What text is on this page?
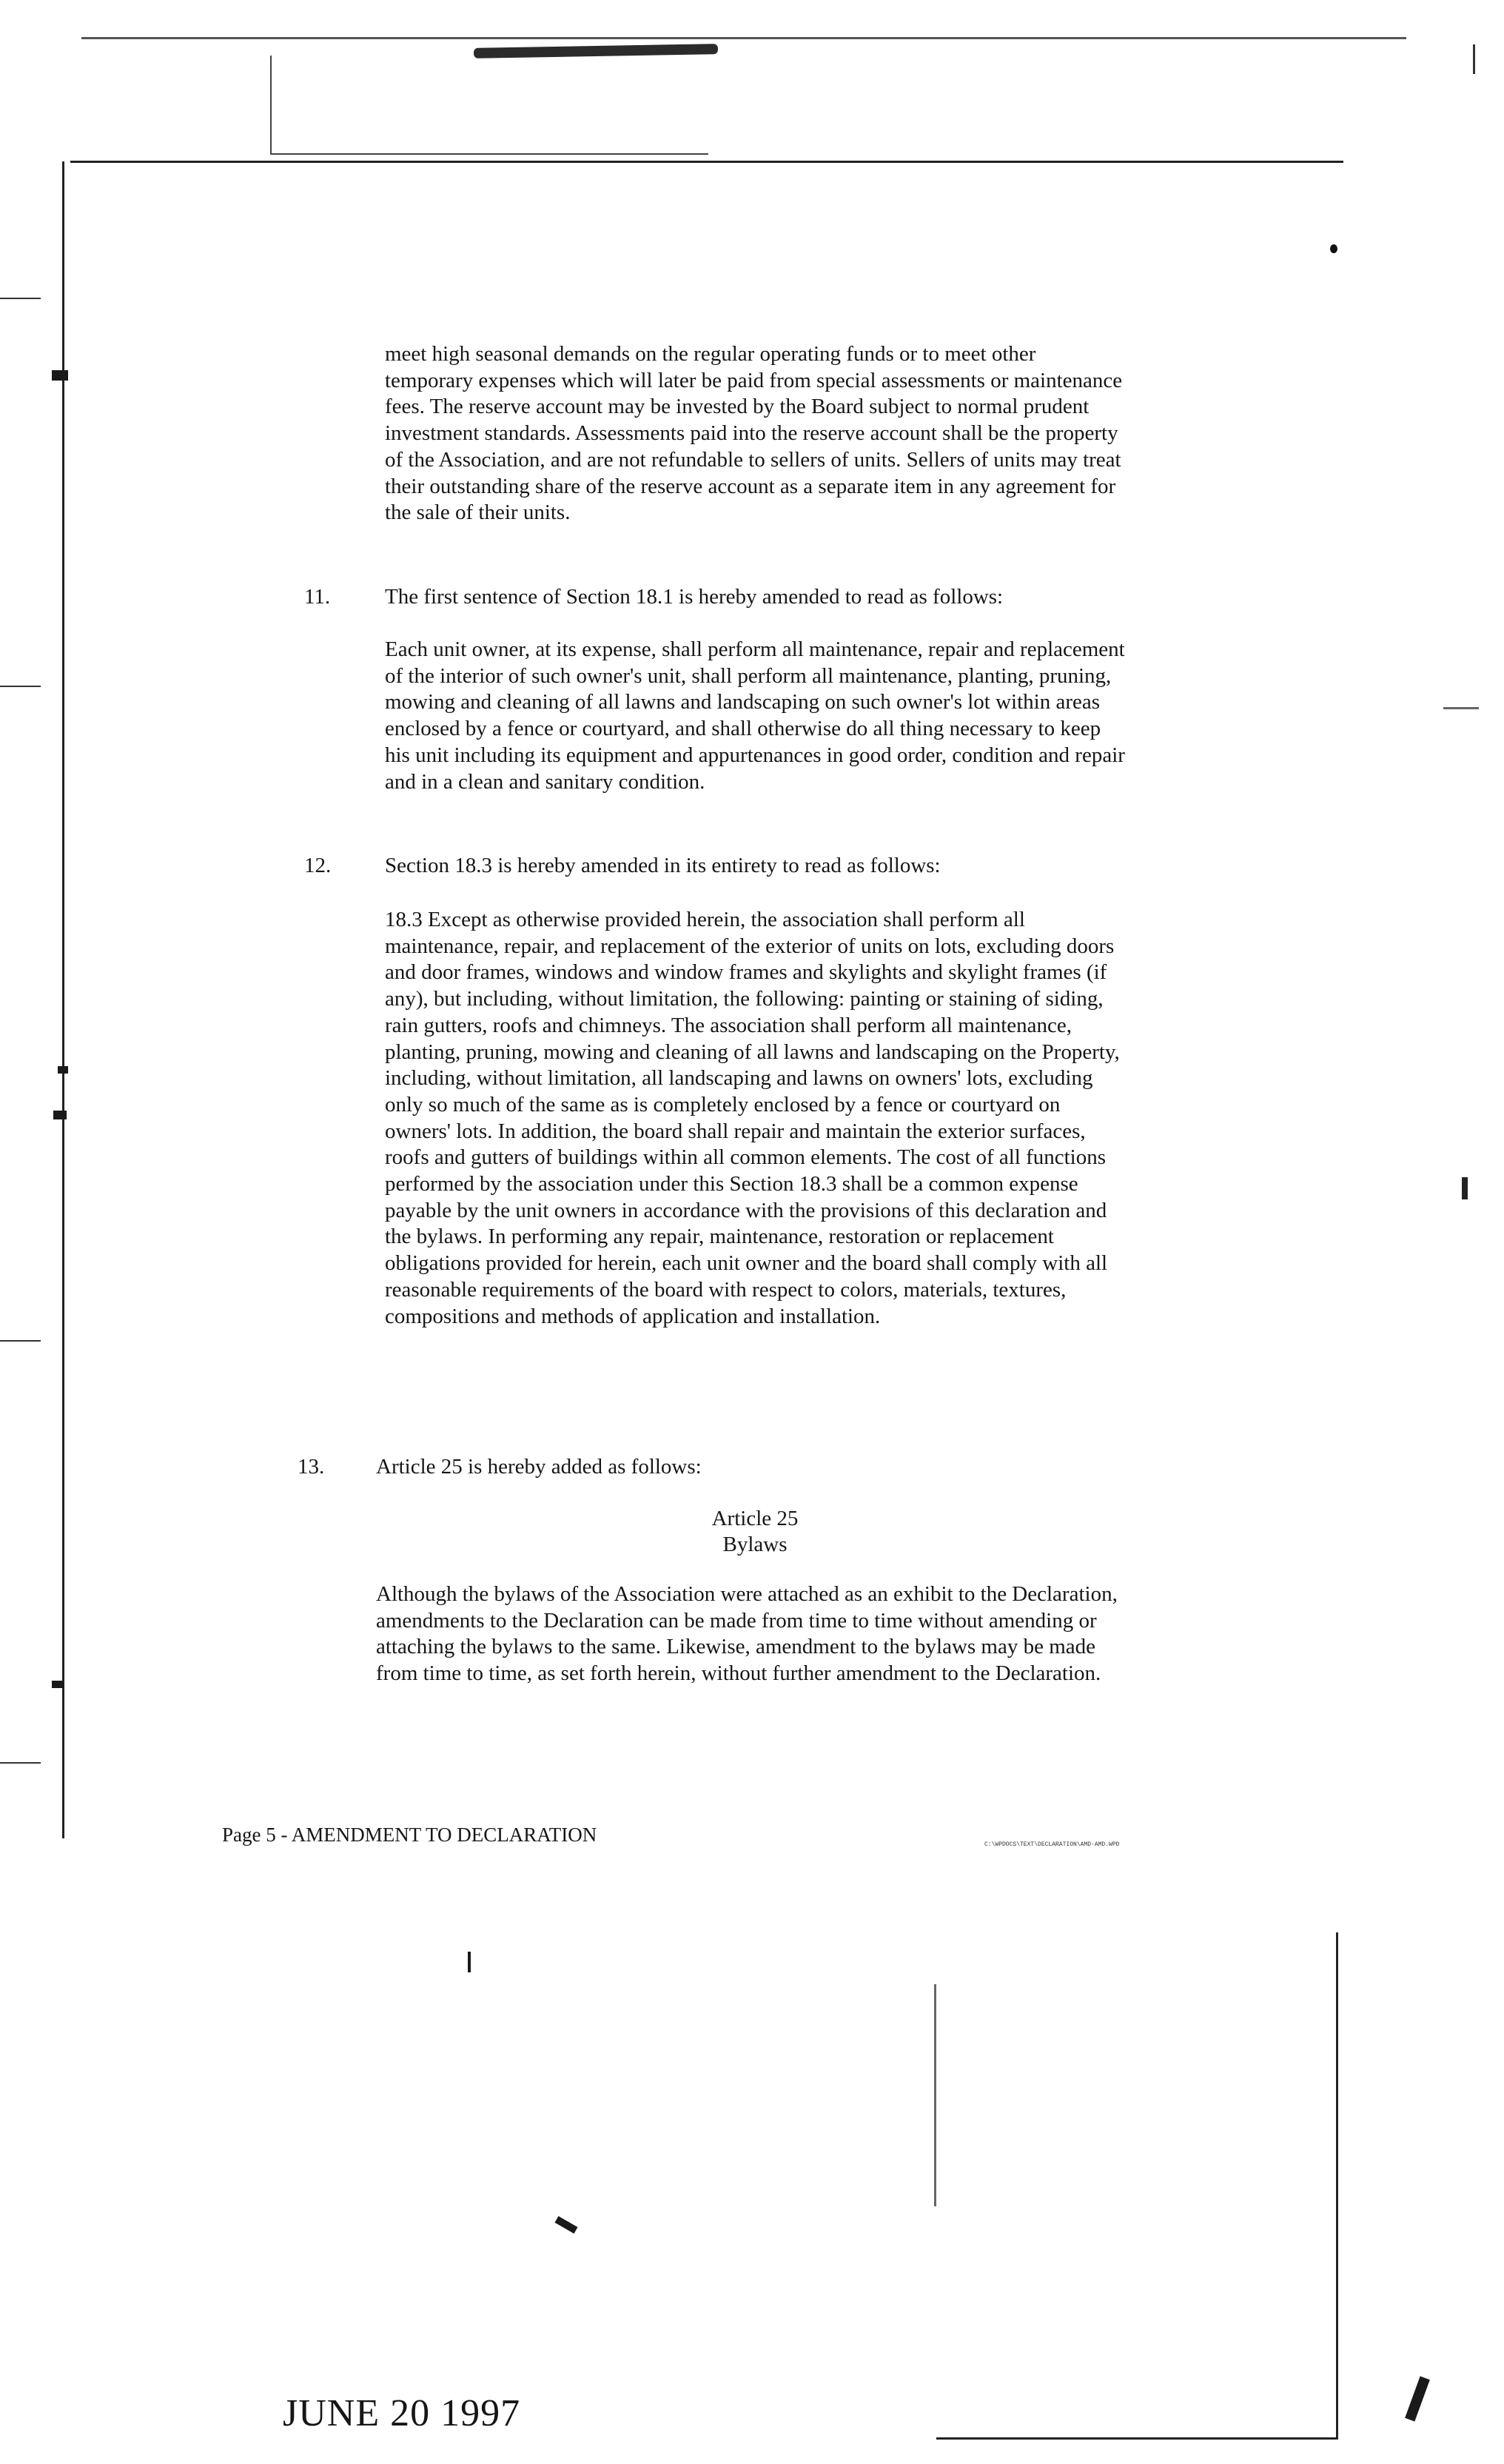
meet high seasonal demands on the regular operating funds or to meet other temporary expenses which will later be paid from special assessments or maintenance fees. The reserve account may be invested by the Board subject to normal prudent investment standards. Assessments paid into the reserve account shall be the property of the Association, and are not refundable to sellers of units. Sellers of units may treat their outstanding share of the reserve account as a separate item in any agreement for the sale of their units.

11.	The first sentence of Section 18.1 is hereby amended to read as follows:

Each unit owner, at its expense, shall perform all maintenance, repair and replacement of the interior of such owner's unit, shall perform all maintenance, planting, pruning, mowing and cleaning of all lawns and landscaping on such owner's lot within areas enclosed by a fence or courtyard, and shall otherwise do all thing necessary to keep his unit including its equipment and appurtenances in good order, condition and repair and in a clean and sanitary condition.

12.	Section 18.3 is hereby amended in its entirety to read as follows:

18.3 Except as otherwise provided herein, the association shall perform all maintenance, repair, and replacement of the exterior of units on lots, excluding doors and door frames, windows and window frames and skylights and skylight frames (if any), but including, without limitation, the following: painting or staining of siding, rain gutters, roofs and chimneys. The association shall perform all maintenance, planting, pruning, mowing and cleaning of all lawns and landscaping on the Property, including, without limitation, all landscaping and lawns on owners' lots, excluding only so much of the same as is completely enclosed by a fence or courtyard on owners' lots. In addition, the board shall repair and maintain the exterior surfaces, roofs and gutters of buildings within all common elements. The cost of all functions performed by the association under this Section 18.3 shall be a common expense payable by the unit owners in accordance with the provisions of this declaration and the bylaws. In performing any repair, maintenance, restoration or replacement obligations provided for herein, each unit owner and the board shall comply with all reasonable requirements of the board with respect to colors, materials, textures, compositions and methods of application and installation.

13. Article 25 is hereby added as follows:
Article 25
Bylaws

Although the bylaws of the Association were attached as an exhibit to the Declaration, amendments to the Declaration can be made from time to time without amending or attaching the bylaws to the same. Likewise, amendment to the bylaws may be made from time to time, as set forth herein, without further amendment to the Declaration.

Page 5 - AMENDMENT TO DECLARATION	C:\WPDOCS\TEXT\DECLARATION\AMD-AMD.WPD
JUNE 20 1997
